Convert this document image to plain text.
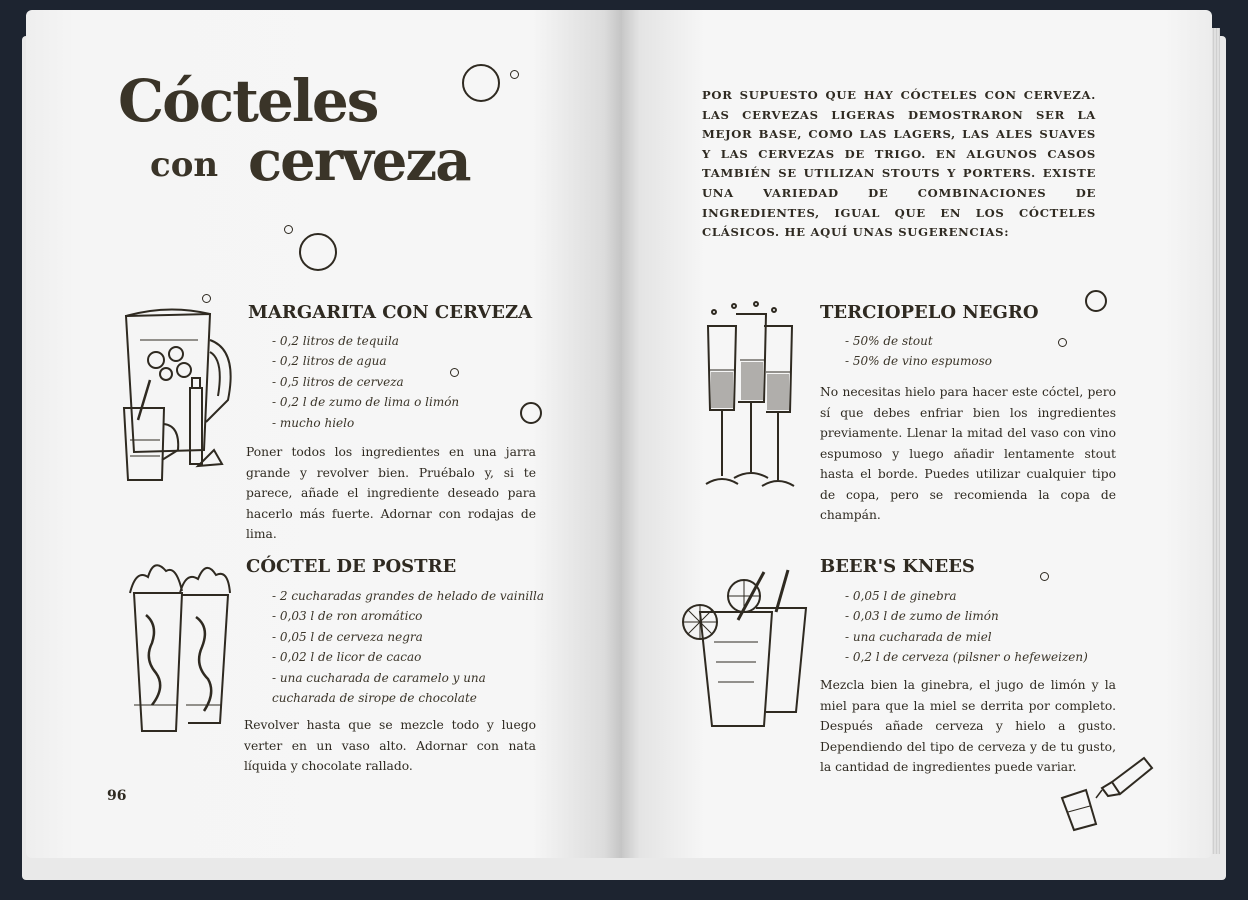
Cócteles
con cerveza
MARGARITA CON CERVEZA
- 0,2 litros de tequila
- 0,2 litros de agua
- 0,5 litros de cerveza
- 0,2 l de zumo de lima o limón
- mucho hielo

Poner todos los ingredientes en una jarra grande y revolver bien. Pruébalo y, si te parece, añade el ingrediente deseado para hacerlo más fuerte. Adornar con rodajas de lima.

CÓCTEL DE POSTRE
- 2 cucharadas grandes de helado de vainilla
- 0,03 l de ron aromático
- 0,05 l de cerveza negra
- 0,02 l de licor de cacao
- una cucharada de caramelo y una
cucharada de sirope de chocolate

Revolver hasta que se mezcle todo y luego verter en un vaso alto. Adornar con nata líquida y chocolate rallado.

96

POR SUPUESTO QUE HAY CÓCTELES CON CERVEZA. LAS CERVEZAS LIGERAS DEMOSTRARON SER LA MEJOR BASE, COMO LAS LAGERS, LAS ALES SUAVES Y LAS CERVEZAS DE TRIGO. EN ALGUNOS CASOS TAMBIÉN SE UTILIZAN STOUTS Y PORTERS. EXISTE UNA VARIEDAD DE COMBINACIONES DE INGREDIENTES, IGUAL QUE EN LOS CÓCTELES CLÁSICOS. HE AQUÍ UNAS SUGERENCIAS:

TERCIOPELO NEGRO
- 50% de stout
- 50% de vino espumoso

No necesitas hielo para hacer este cóctel, pero sí que debes enfriar bien los ingredientes previamente. Llenar la mitad del vaso con vino espumoso y luego añadir lentamente stout hasta el borde. Puedes utilizar cualquier tipo de copa, pero se recomienda la copa de champán.

BEER'S KNEES
- 0,05 l de ginebra
- 0,03 l de zumo de limón
- una cucharada de miel
- 0,2 l de cerveza (pilsner o hefeweizen)

Mezcla bien la ginebra, el jugo de limón y la miel para que la miel se derrita por completo. Después añade cerveza y hielo a gusto. Dependiendo del tipo de cerveza y de tu gusto, la cantidad de ingredientes puede variar.
